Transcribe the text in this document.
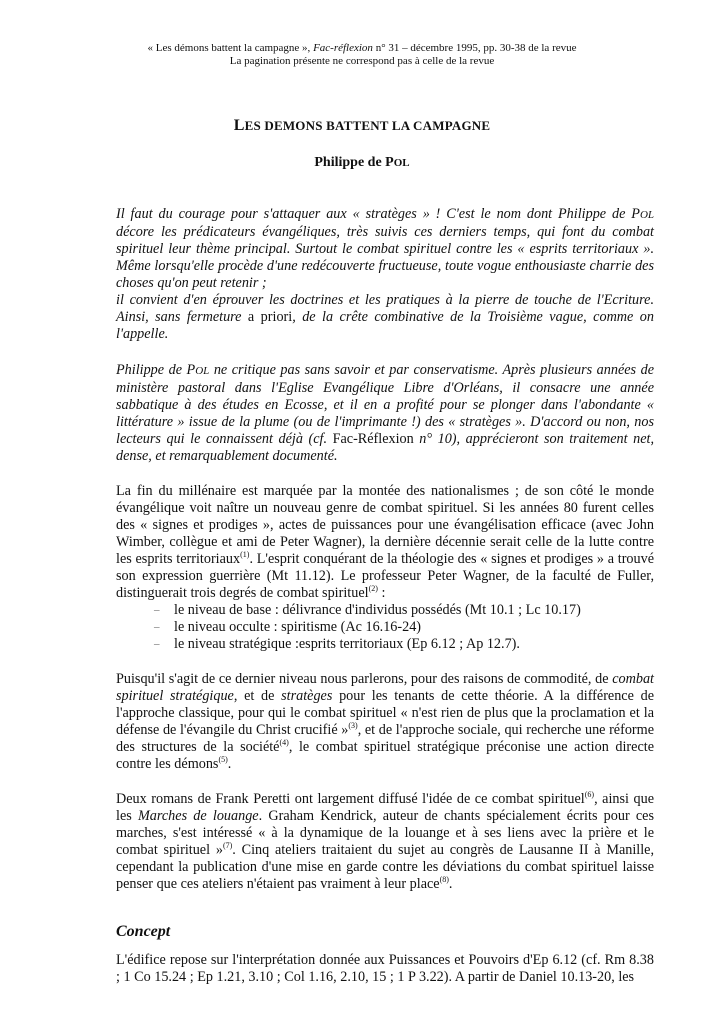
« Les démons battent la campagne », Fac-réflexion n° 31 – décembre 1995, pp. 30-38 de la revue
La pagination présente ne correspond pas à celle de la revue
LES DEMONS BATTENT LA CAMPAGNE
Philippe de POL

Il faut du courage pour s'attaquer aux « stratèges » ! C'est le nom dont Philippe de POL décore les prédicateurs évangéliques, très suivis ces derniers temps, qui font du combat spirituel leur thème principal. Surtout le combat spirituel contre les « esprits territoriaux ». Même lorsqu'elle procède d'une redécouverte fructueuse, toute vogue enthousiaste charrie des choses qu'on peut retenir ;

il convient d'en éprouver les doctrines et les pratiques à la pierre de touche de l'Ecriture. Ainsi, sans fermeture a priori, de la crête combinative de la Troisième vague, comme on l'appelle.

Philippe de POL ne critique pas sans savoir et par conservatisme. Après plusieurs années de ministère pastoral dans l'Eglise Evangélique Libre d'Orléans, il consacre une année sabbatique à des études en Ecosse, et il en a profité pour se plonger dans l'abondante « littérature » issue de la plume (ou de l'imprimante !) des « stratèges ». D'accord ou non, nos lecteurs qui le connaissent déjà (cf. Fac-Réflexion n° 10), apprécieront son traitement net, dense, et remarquablement documenté.

La fin du millénaire est marquée par la montée des nationalismes ; de son côté le monde évangélique voit naître un nouveau genre de combat spirituel. Si les années 80 furent celles des « signes et prodiges », actes de puissances pour une évangélisation efficace (avec John Wimber, collègue et ami de Peter Wagner), la dernière décennie serait celle de la lutte contre les esprits territoriaux$^{(1)}$. L'esprit conquérant de la théologie des « signes et prodiges » a trouvé son expression guerrière (Mt 11.12). Le professeur Peter Wagner, de la faculté de Fuller, distinguerait trois degrés de combat spirituel$^{(2)}$ :

– le niveau de base : délivrance d'individus possédés (Mt 10.1 ; Lc 10.17)
– le niveau occulte : spiritisme (Ac 16.16-24)
– le niveau stratégique :esprits territoriaux (Ep 6.12 ; Ap 12.7).

Puisqu'il s'agit de ce dernier niveau nous parlerons, pour des raisons de commodité, de combat spirituel stratégique, et de stratèges pour les tenants de cette théorie. A la différence de l'approche classique, pour qui le combat spirituel « n'est rien de plus que la proclamation et la défense de l'évangile du Christ crucifié »$^{(3)}$, et de l'approche sociale, qui recherche une réforme des structures de la société$^{(4)}$, le combat spirituel stratégique préconise une action directe contre les démons$^{(5)}$.

Deux romans de Frank Peretti ont largement diffusé l'idée de ce combat spirituel$^{(6)}$, ainsi que les Marches de louange. Graham Kendrick, auteur de chants spécialement écrits pour ces marches, s'est intéressé « à la dynamique de la louange et à ses liens avec la prière et le combat spirituel »$^{(7)}$. Cinq ateliers traitaient du sujet au congrès de Lausanne II à Manille, cependant la publication d'une mise en garde contre les déviations du combat spirituel laisse penser que ces ateliers n'étaient pas vraiment à leur place$^{(8)}$.

Concept

L'édifice repose sur l'interprétation donnée aux Puissances et Pouvoirs d'Ep 6.12 (cf. Rm 8.38 ; 1 Co 15.24 ; Ep 1.21, 3.10 ; Col 1.16, 2.10, 15 ; 1 P 3.22). A partir de Daniel 10.13-20, les
